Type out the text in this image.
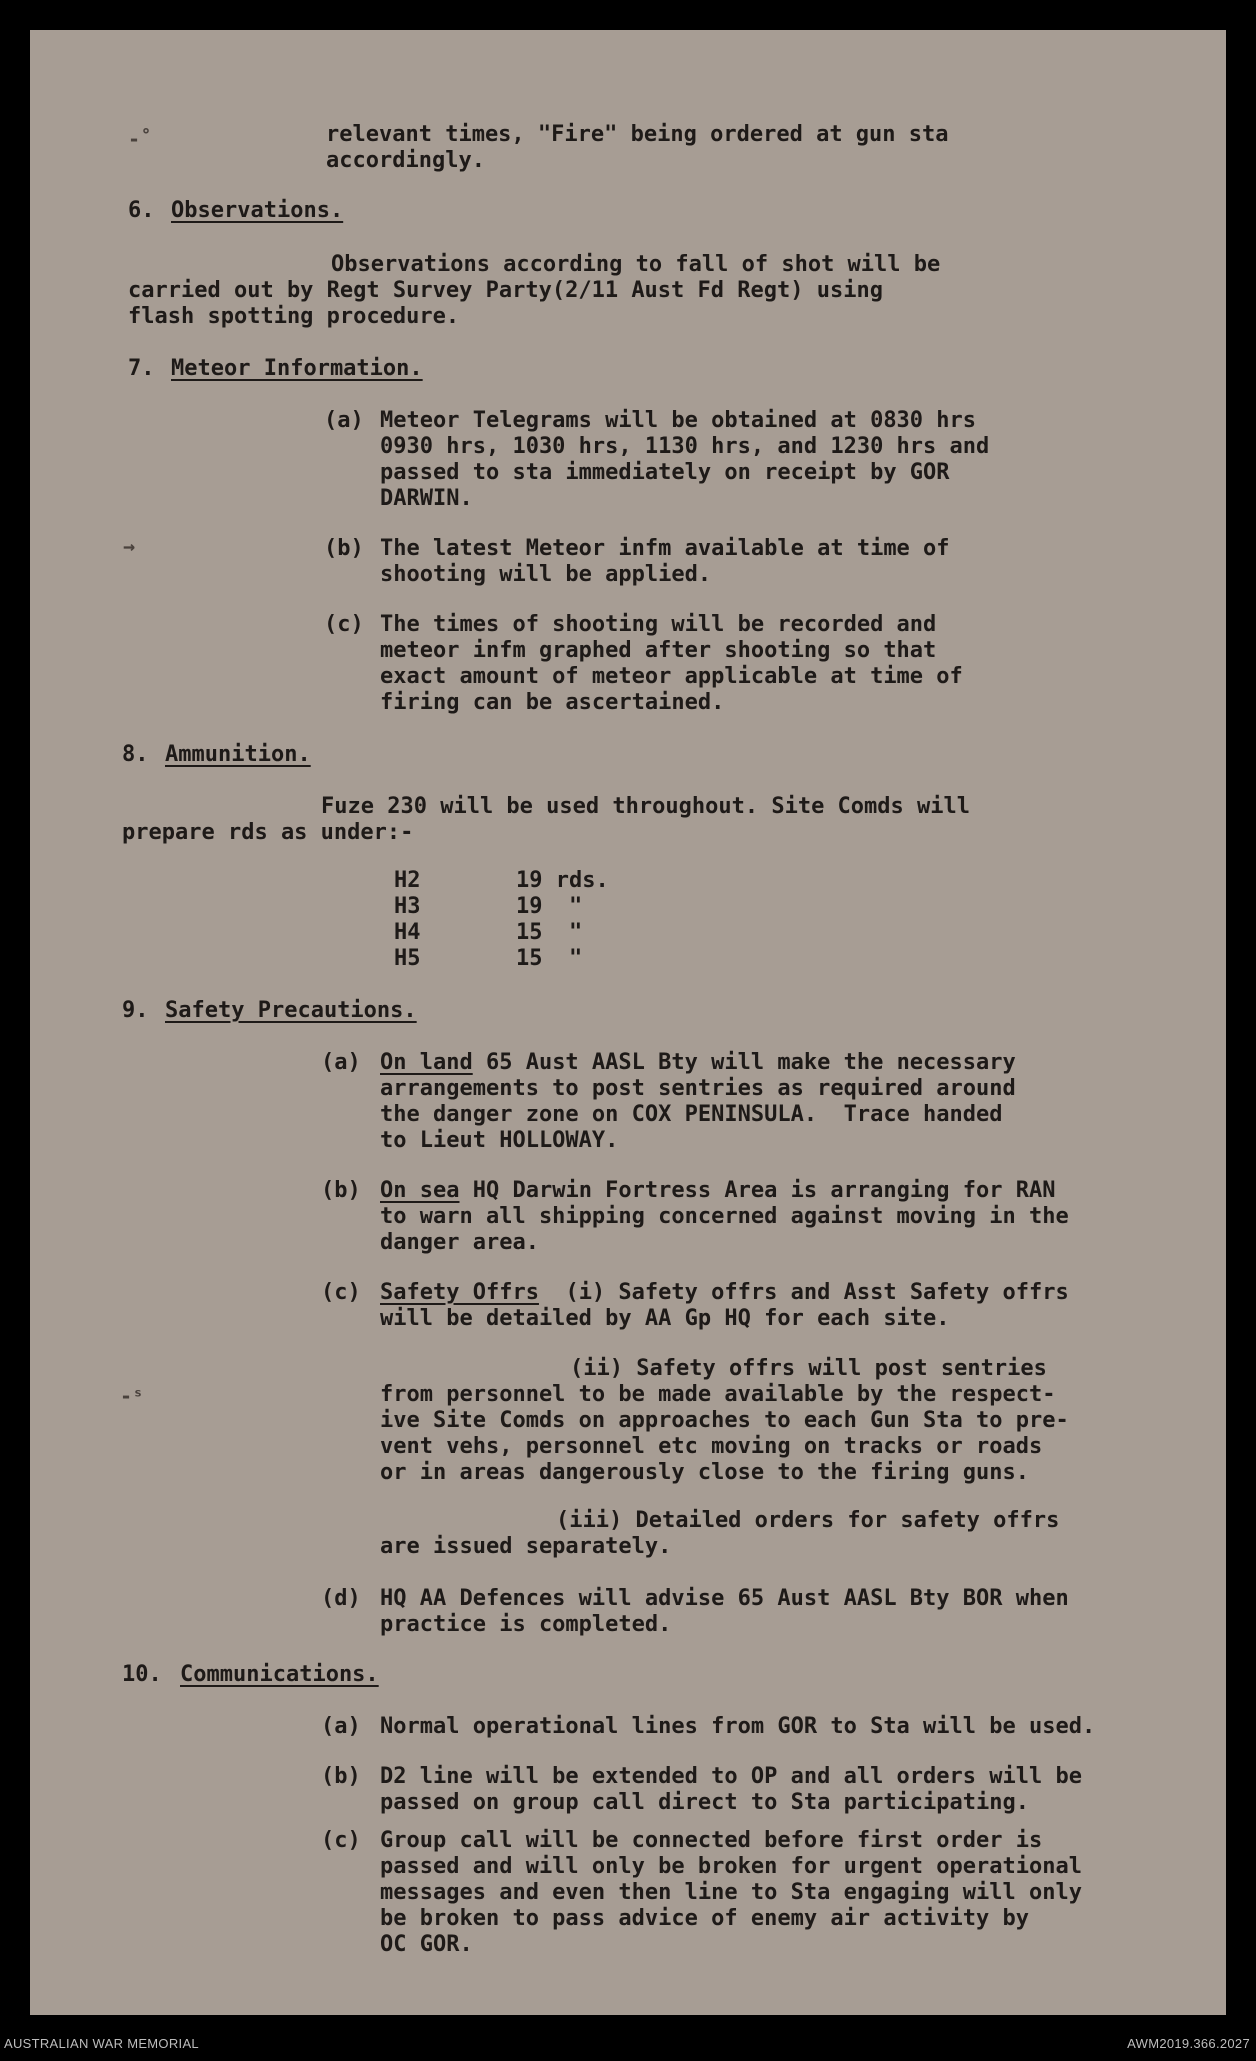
-˚
→
-ˢ
relevant times, "Fire" being ordered at gun sta
accordingly.
6. Observations.
Observations according to fall of shot will be
carried out by Regt Survey Party(2/11 Aust Fd Regt) using
flash spotting procedure.
7. Meteor Information.
(a) Meteor Telegrams will be obtained at 0830 hrs
0930 hrs, 1030 hrs, 1130 hrs, and 1230 hrs and
passed to sta immediately on receipt by GOR
DARWIN.
(b) The latest Meteor infm available at time of
shooting will be applied.
(c) The times of shooting will be recorded and
meteor infm graphed after shooting so that
exact amount of meteor applicable at time of
firing can be ascertained.
8. Ammunition.
Fuze 230 will be used throughout. Site Comds will
prepare rds as under:-
H2	19 rds.
H3	19  "
H4	15  "
H5	15  "
9. Safety Precautions.
(a) On land 65 Aust AASL Bty will make the necessary
arrangements to post sentries as required around
the danger zone on COX PENINSULA.  Trace handed
to Lieut HOLLOWAY.
(b) On sea HQ Darwin Fortress Area is arranging for RAN
to warn all shipping concerned against moving in the
danger area.
(c) Safety Offrs  (i) Safety offrs and Asst Safety offrs
will be detailed by AA Gp HQ for each site.
(ii) Safety offrs will post sentries
from personnel to be made available by the respect-
ive Site Comds on approaches to each Gun Sta to pre-
vent vehs, personnel etc moving on tracks or roads
or in areas dangerously close to the firing guns.
(iii) Detailed orders for safety offrs
are issued separately.
(d) HQ AA Defences will advise 65 Aust AASL Bty BOR when
practice is completed.
10. Communications.
(a) Normal operational lines from GOR to Sta will be used.
(b) D2 line will be extended to OP and all orders will be
passed on group call direct to Sta participating.
(c) Group call will be connected before first order is
passed and will only be broken for urgent operational
messages and even then line to Sta engaging will only
be broken to pass advice of enemy air activity by
OC GOR.
AUSTRALIAN WAR MEMORIAL	AWM2019.366.2027
